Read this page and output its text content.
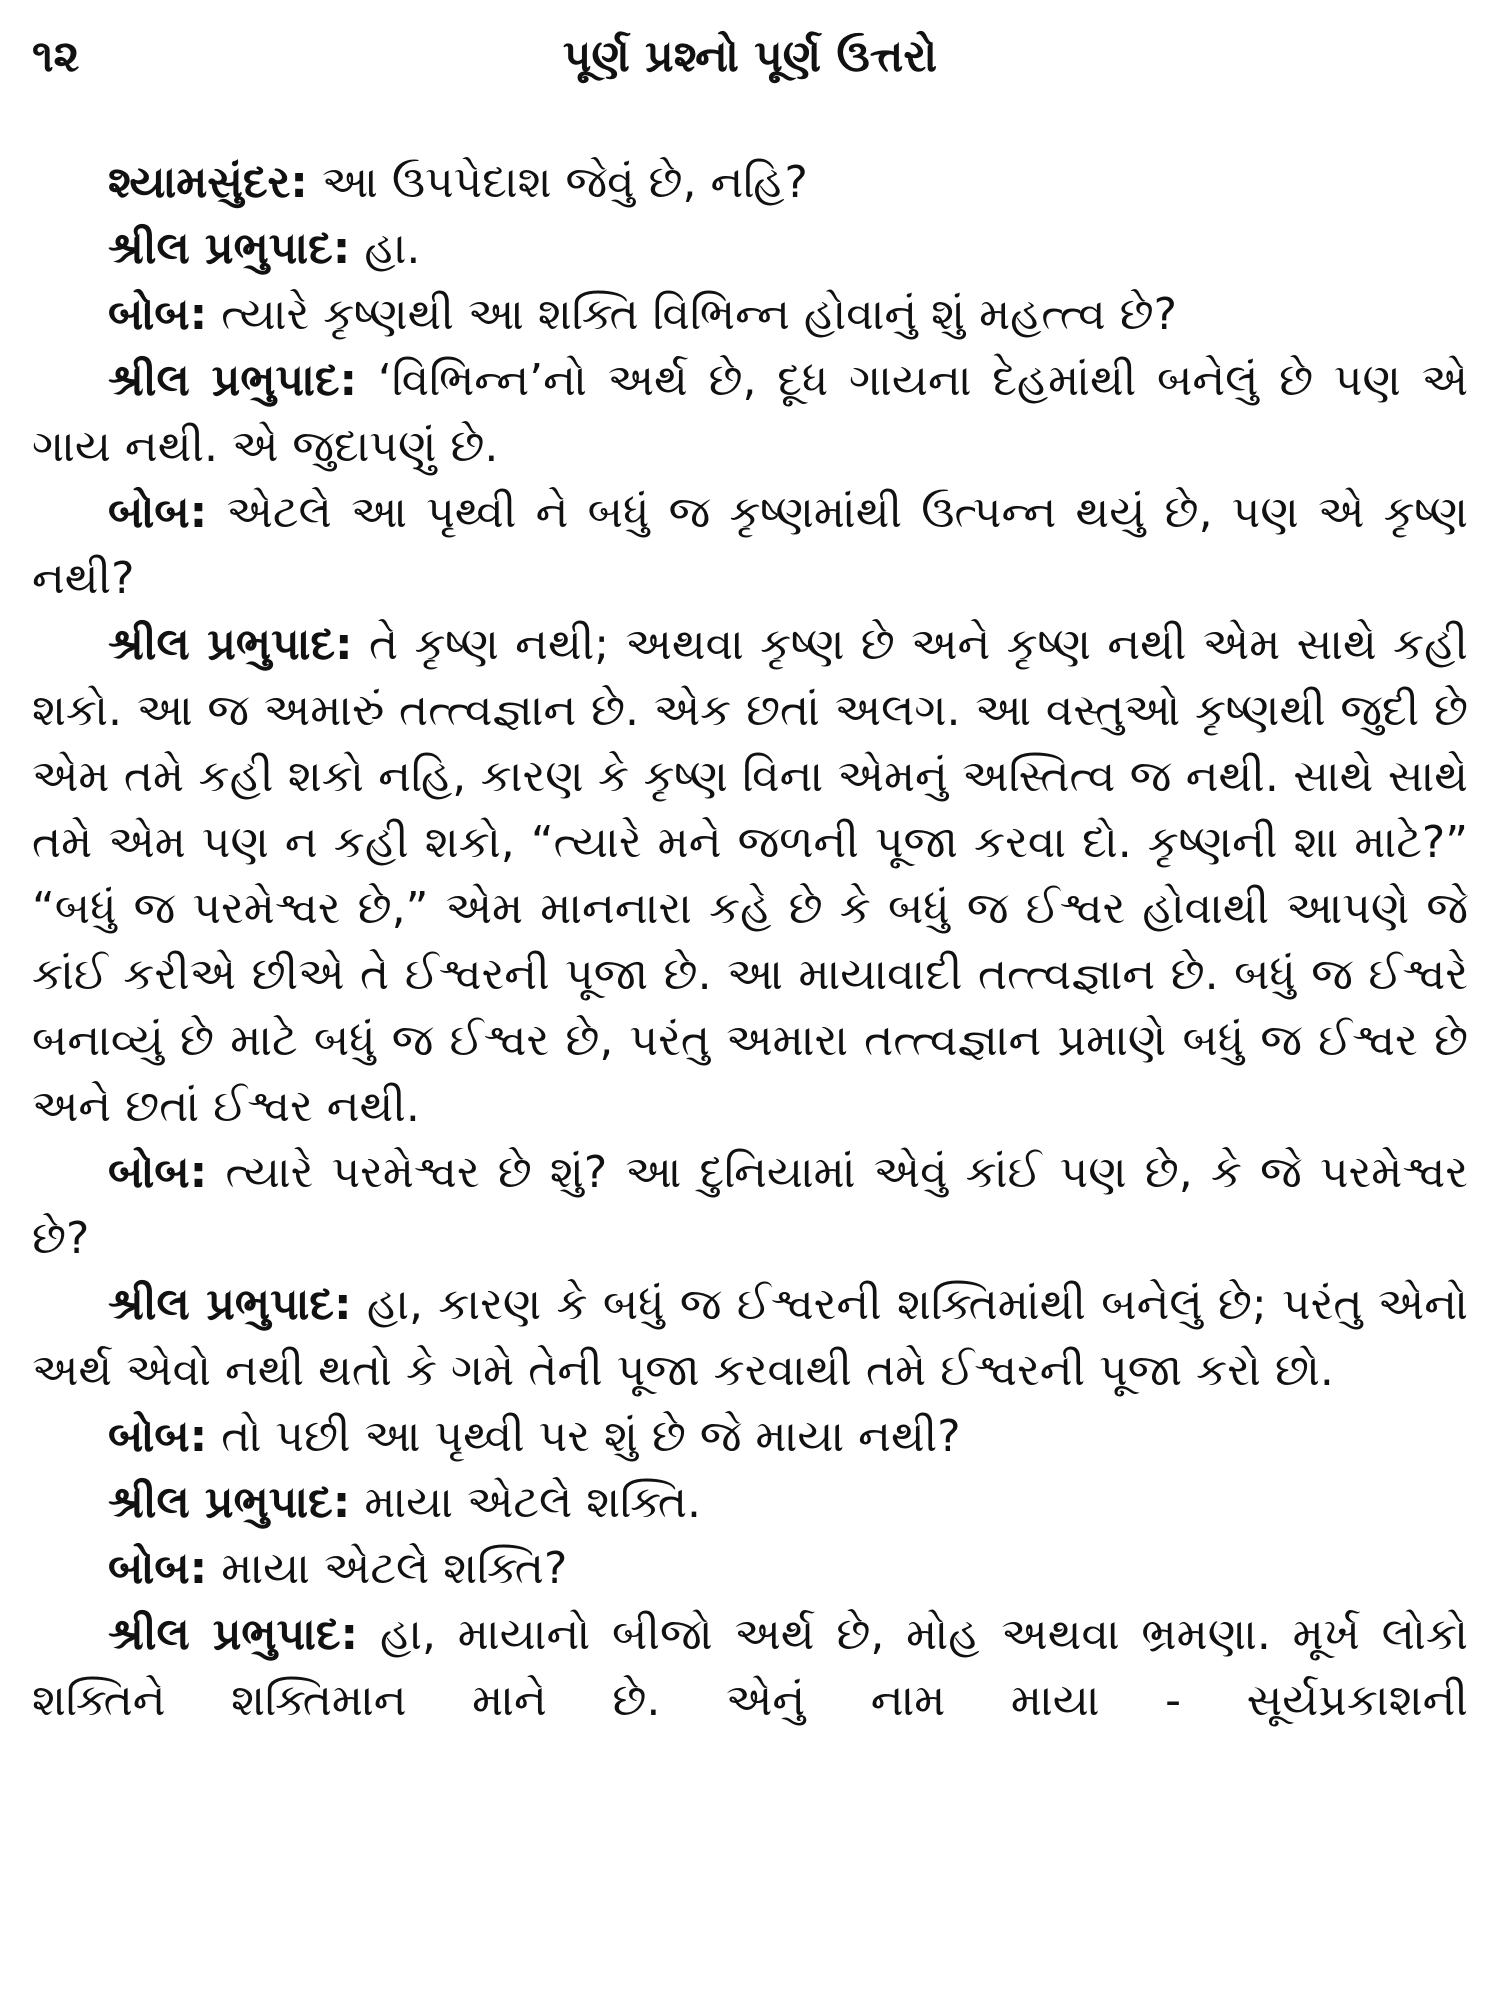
૧૨	પૂર્ણ પ્રશ્નો પૂર્ણ ઉત્તરો

શ્યામસુંદર: આ ઉપપેદાશ જેવું છે, નહિ?

શ્રીલ પ્રભુપાદ: હા.

બોબ: ત્યારે કૃષ્ણથી આ શક્તિ વિભિન્ન હોવાનું શું મહત્ત્વ છે?

શ્રીલ પ્રભુપાદ: ‘વિભિન્ન’નો અર્થ છે, દૂધ ગાયના દેહમાંથી બનેલું છે પણ એ ગાય નથી. એ જુદાપણું છે.

બોબ: એટલે આ પૃથ્વી ને બધું જ કૃષ્ણમાંથી ઉત્પન્ન થયું છે, પણ એ કૃષ્ણ નથી?

શ્રીલ પ્રભુપાદ: તે કૃષ્ણ નથી; અથવા કૃષ્ણ છે અને કૃષ્ણ નથી એમ સાથે કહી શકો. આ જ અમારું તત્ત્વજ્ઞાન છે. એક છતાં અલગ. આ વસ્તુઓ કૃષ્ણથી જુદી છે એમ તમે કહી શકો નહિ, કારણ કે કૃષ્ણ વિના એમનું અસ્તિત્વ જ નથી. સાથે સાથે તમે એમ પણ ન કહી શકો, “ત્યારે મને જળની પૂજા કરવા દો. કૃષ્ણની શા માટે?” “બધું જ પરમેશ્વર છે,” એમ માનનારા કહે છે કે બધું જ ઈશ્વર હોવાથી આપણે જે કાંઈ કરીએ છીએ તે ઈશ્વરની પૂજા છે. આ માયાવાદી તત્ત્વજ્ઞાન છે. બધું જ ઈશ્વરે બનાવ્યું છે માટે બધું જ ઈશ્વર છે, પરંતુ અમારા તત્ત્વજ્ઞાન પ્રમાણે બધું જ ઈશ્વર છે અને છતાં ઈશ્વર નથી.

બોબ: ત્યારે પરમેશ્વર છે શું? આ દુનિયામાં એવું કાંઈ પણ છે, કે જે પરમેશ્વર છે?

શ્રીલ પ્રભુપાદ: હા, કારણ કે બધું જ ઈશ્વરની શક્તિમાંથી બનેલું છે; પરંતુ એનો અર્થ એવો નથી થતો કે ગમે તેની પૂજા કરવાથી તમે ઈશ્વરની પૂજા કરો છો.

બોબ: તો પછી આ પૃથ્વી પર શું છે જે માયા નથી?

શ્રીલ પ્રભુપાદ: માયા એટલે શક્તિ.

બોબ: માયા એટલે શક્તિ?

શ્રીલ પ્રભુપાદ: હા, માયાનો બીજો અર્થ છે, મોહ અથવા ભ્રમણા. મૂર્ખ લોકો શક્તિને શક્તિમાન માને છે. એનું નામ માયા - સૂર્યપ્રકાશની
